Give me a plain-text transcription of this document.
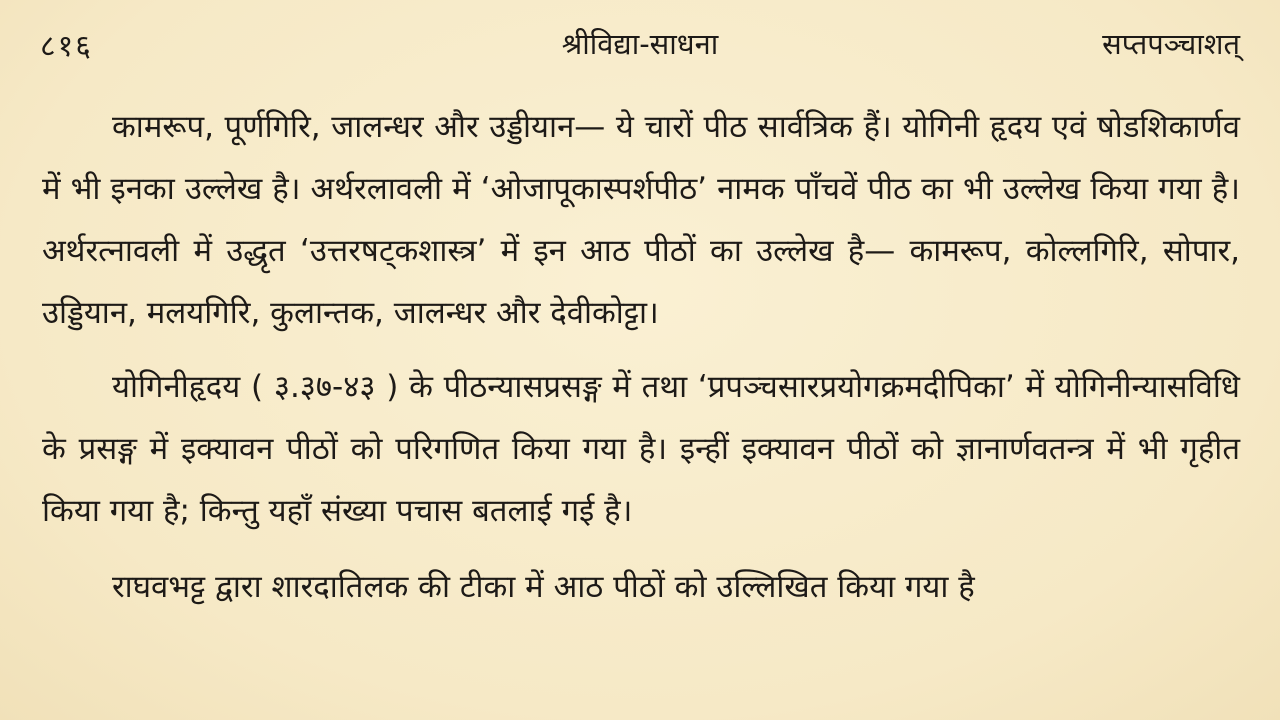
८१६	श्रीविद्या-साधना	सप्तपञ्चाशत्

कामरूप, पूर्णगिरि, जालन्धर और उड्डीयान— ये चारों पीठ सार्वत्रिक हैं। योगिनी हृदय एवं षोडशिकार्णव में भी इनका उल्लेख है। अर्थरलावली में ‘ओजापूकास्पर्शपीठ’ नामक पाँचवें पीठ का भी उल्लेख किया गया है। अर्थरत्नावली में उद्धृत ‘उत्तरषट्कशास्त्र’ में इन आठ पीठों का उल्लेख है— कामरूप, कोल्लगिरि, सोपार, उड्डियान, मलयगिरि, कुलान्तक, जालन्धर और देवीकोट्टा।

योगिनीहृदय ( ३.३७-४३ ) के पीठन्यासप्रसङ्ग में तथा ‘प्रपञ्चसारप्रयोगक्रमदीपिका’ में योगिनीन्यासविधि के प्रसङ्ग में इक्यावन पीठों को परिगणित किया गया है। इन्हीं इक्यावन पीठों को ज्ञानार्णवतन्त्र में भी गृहीत किया गया है; किन्तु यहाँ संख्या पचास बतलाई गई है।

राघवभट्ट द्वारा शारदातिलक की टीका में आठ पीठों को उल्लिखित किया गया है
